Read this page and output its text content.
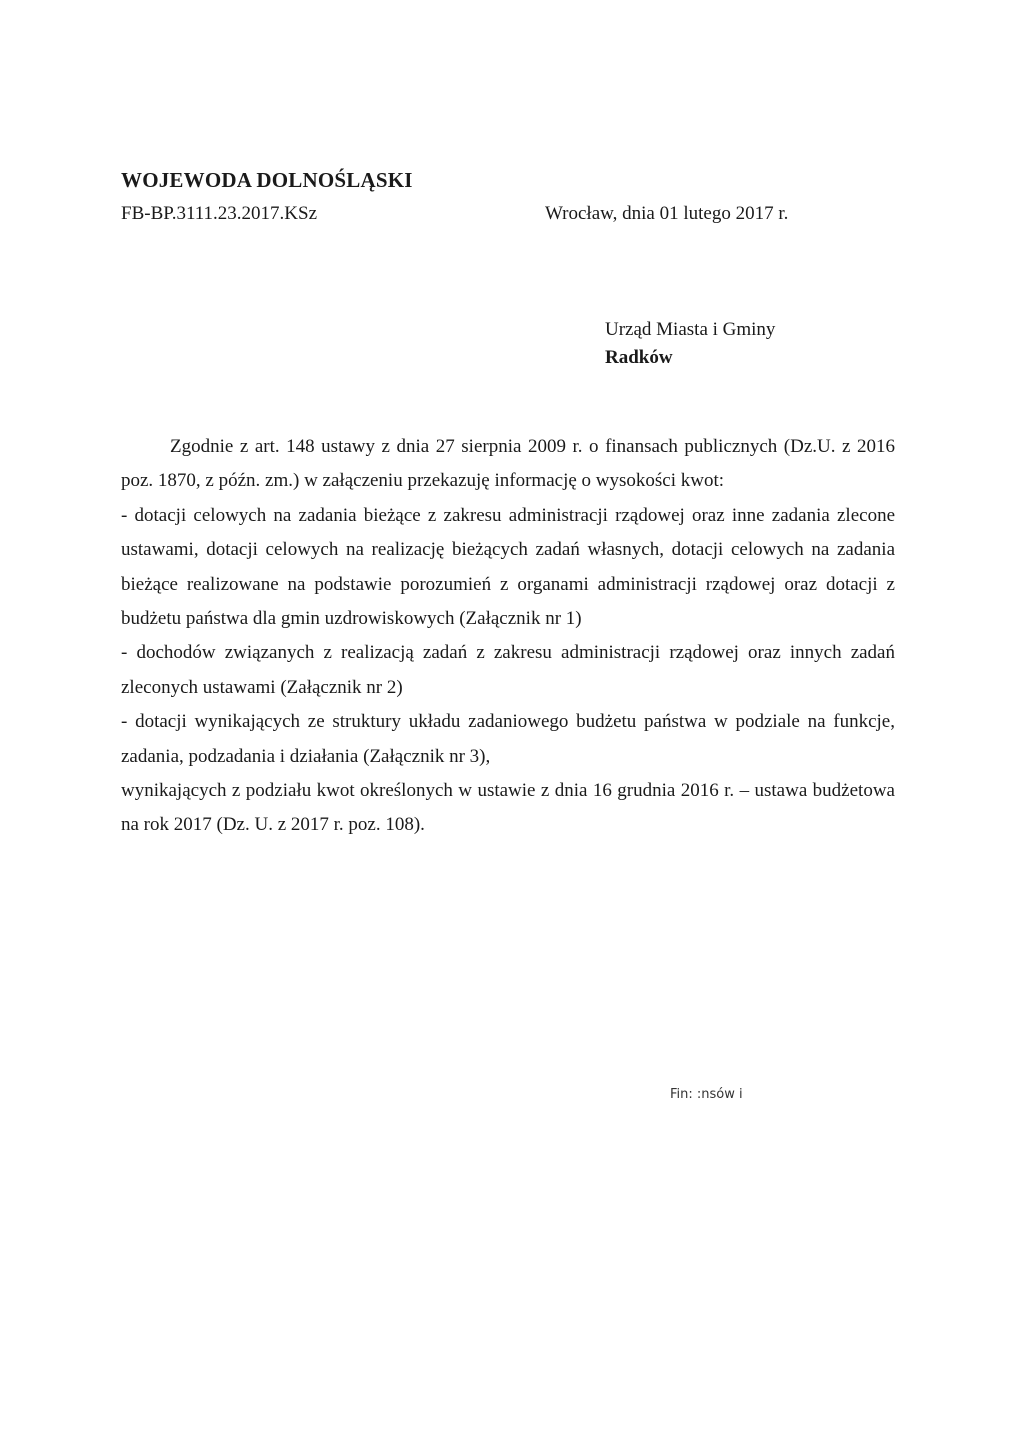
WOJEWODA DOLNOŚLĄSKI
FB-BP.3111.23.2017.KSz	Wrocław, dnia 01 lutego 2017 r.
Urząd Miasta i Gminy
Radków

Zgodnie z art. 148 ustawy z dnia 27 sierpnia 2009 r. o finansach publicznych (Dz.U. z 2016 poz. 1870, z późn. zm.) w załączeniu przekazuję informację o wysokości kwot:

- dotacji celowych na zadania bieżące z zakresu administracji rządowej oraz inne zadania zlecone ustawami, dotacji celowych na realizację bieżących zadań własnych, dotacji celowych na zadania bieżące realizowane na podstawie porozumień z organami administracji rządowej oraz dotacji z budżetu państwa dla gmin uzdrowiskowych (Załącznik nr 1)

- dochodów związanych z realizacją zadań z zakresu administracji rządowej oraz innych zadań zleconych ustawami (Załącznik nr 2)

- dotacji wynikających ze struktury układu zadaniowego budżetu państwa w podziale na funkcje, zadania, podzadania i działania (Załącznik nr 3),

wynikających z podziału kwot określonych w ustawie z dnia 16 grudnia 2016 r. – ustawa budżetowa na rok 2017 (Dz. U. z 2017 r. poz. 108).

Fin: :nsów i
